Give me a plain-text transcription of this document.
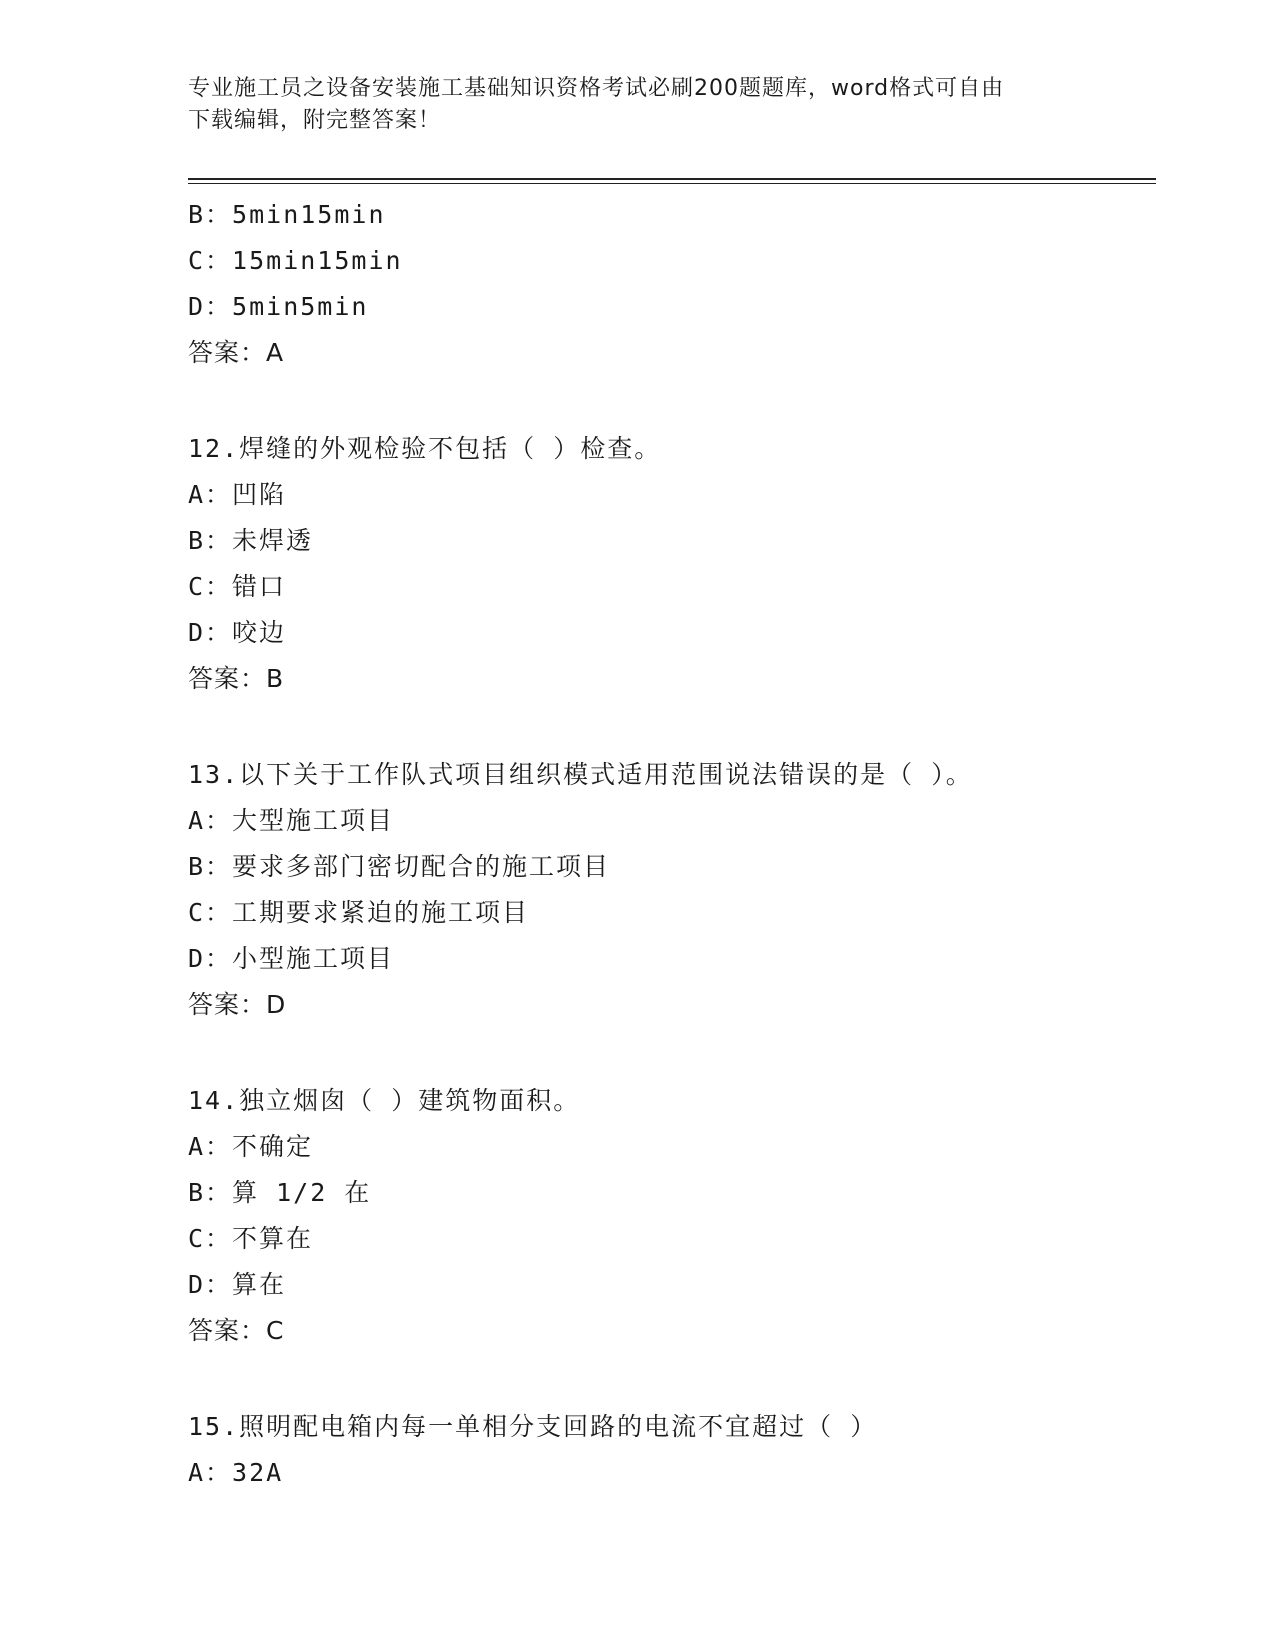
专业施工员之设备安装施工基础知识资格考试必刷200题题库，word格式可自由
下载编辑，附完整答案！
B：5min15min
C：15min15min
D：5min5min
答案：A
12.焊缝的外观检验不包括（ ）检查。
A：凹陷
B：未焊透
C：错口
D：咬边
答案：B
13.以下关于工作队式项目组织模式适用范围说法错误的是（ ）。
A：大型施工项目
B：要求多部门密切配合的施工项目
C：工期要求紧迫的施工项目
D：小型施工项目
答案：D
14.独立烟囱（ ）建筑物面积。
A：不确定
B：算 1/2 在
C：不算在
D：算在
答案：C
15.照明配电箱内每一单相分支回路的电流不宜超过（ ）
A：32A
